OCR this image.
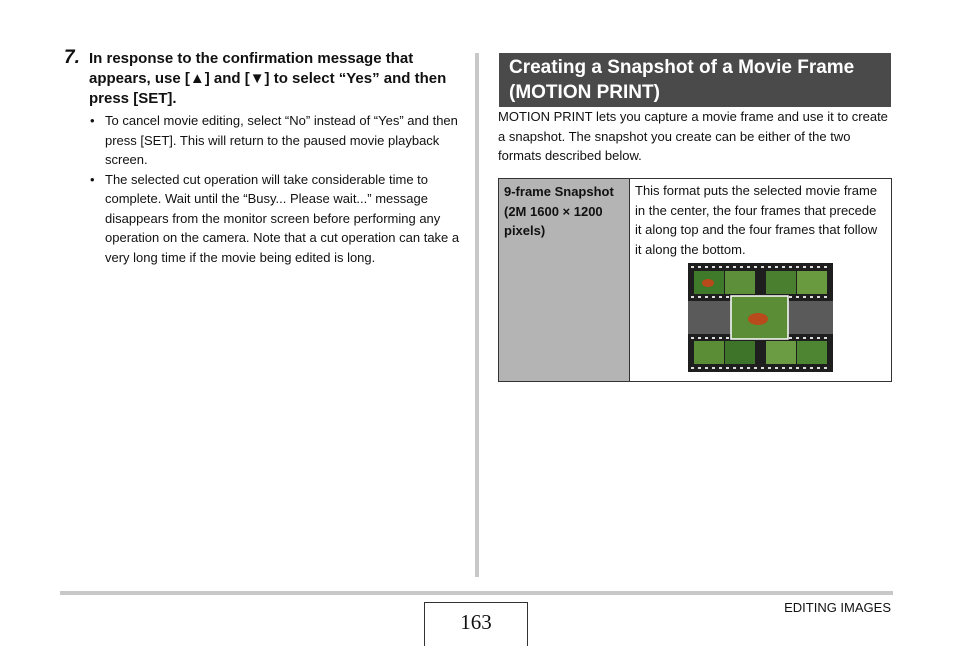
7. In response to the confirmation message that appears, use [▲] and [▼] to select “Yes” and then press [SET].
• To cancel movie editing, select “No” instead of “Yes” and then press [SET]. This will return to the paused movie playback screen.
• The selected cut operation will take considerable time to complete. Wait until the “Busy... Please wait...” message disappears from the monitor screen before performing any operation on the camera. Note that a cut operation can take a very long time if the movie being edited is long.
Creating a Snapshot of a Movie Frame (MOTION PRINT)
MOTION PRINT lets you capture a movie frame and use it to create a snapshot. The snapshot you create can be either of the two formats described below.
9-frame Snapshot (2M 1600 × 1200 pixels)
This format puts the selected movie frame in the center, the four frames that precede it along top and the four frames that follow it along the bottom.
163
EDITING IMAGES
